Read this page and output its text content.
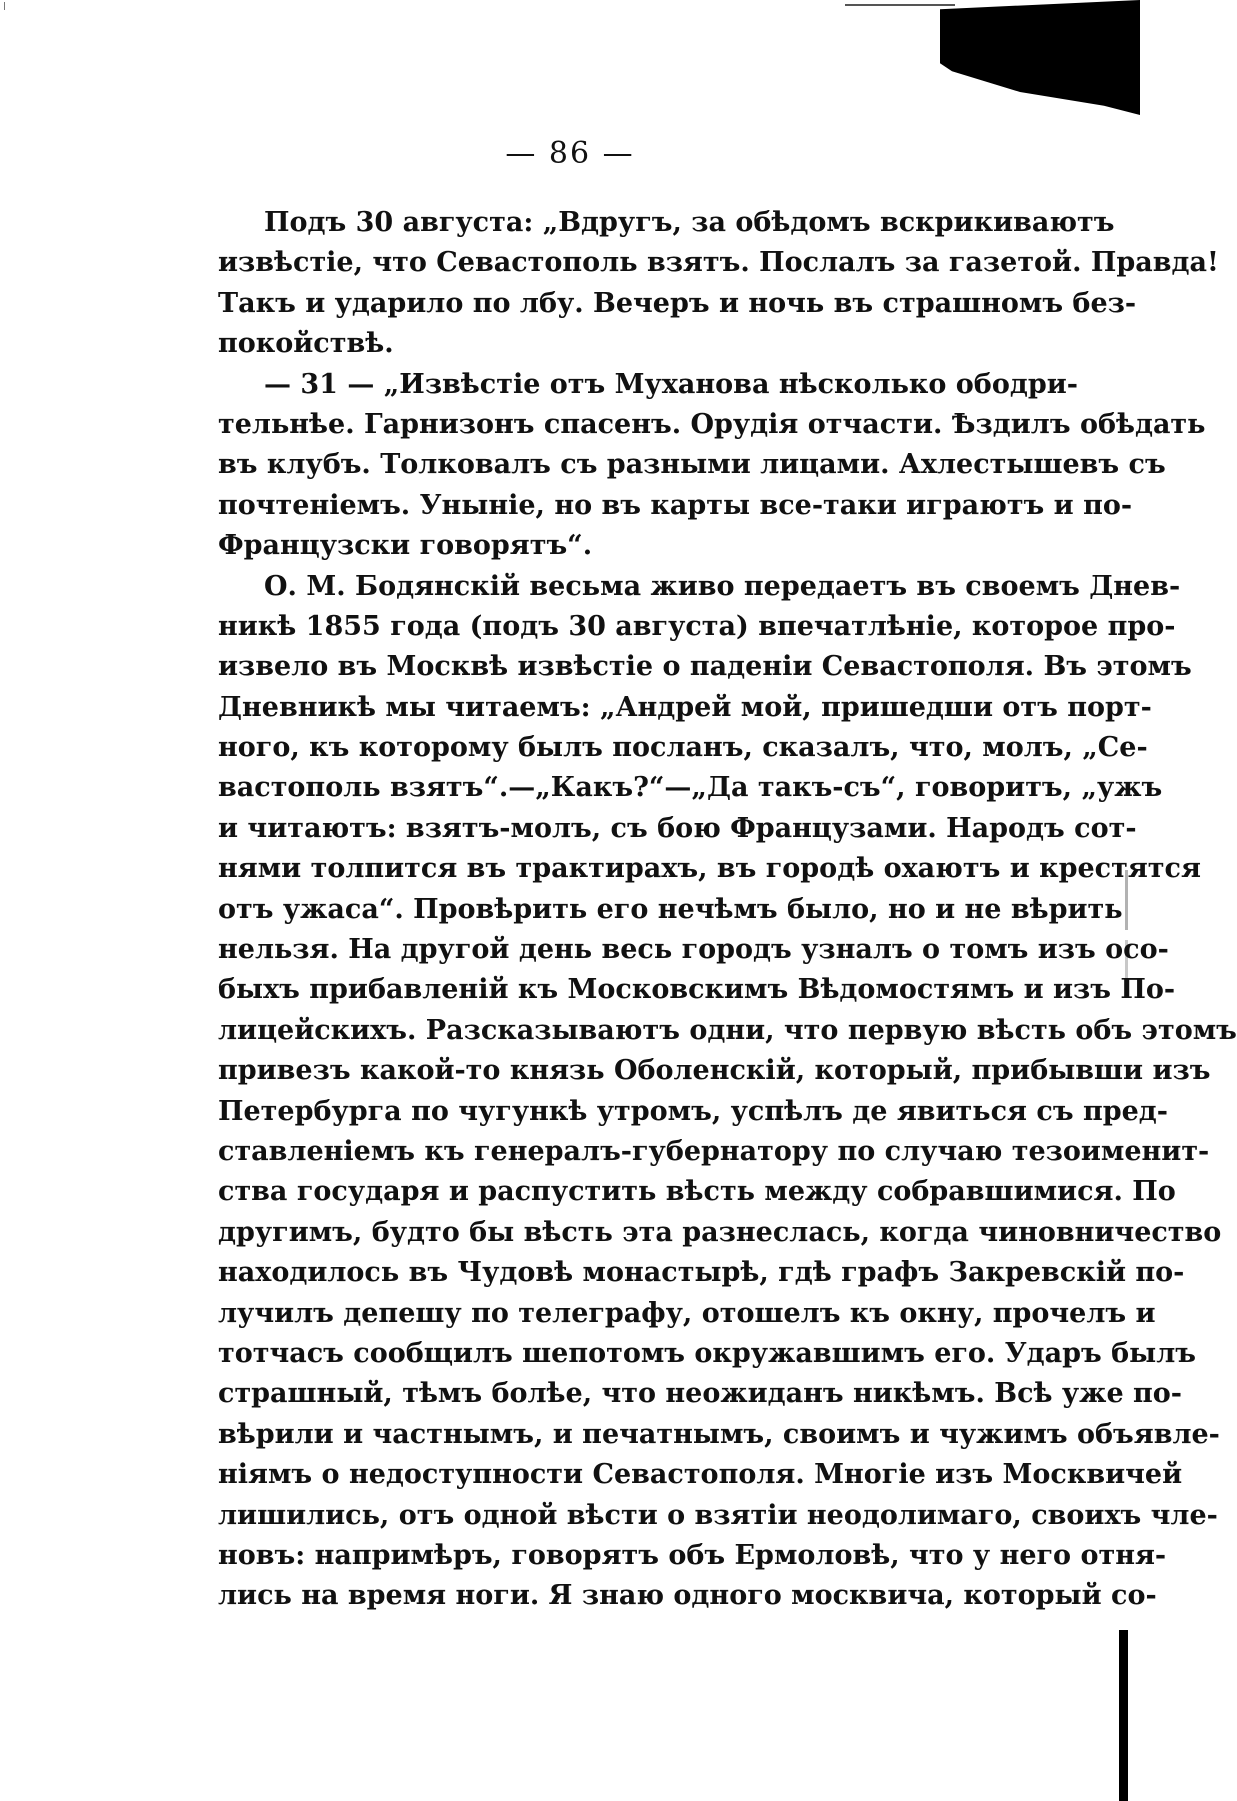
— 86 —
Подъ 30 августа: „Вдругъ, за обѣдомъ вскрикиваютъ
извѣстіе, что Севастополь взятъ. Послалъ за газетой. Правда!
Такъ и ударило по лбу. Вечеръ и ночь въ страшномъ без-
покойствѣ.
— 31 — „Извѣстіе отъ Муханова нѣсколько ободри-
тельнѣе. Гарнизонъ спасенъ. Орудія отчасти. Ѣздилъ обѣдать
въ клубъ. Толковалъ съ разными лицами. Ахлестышевъ съ
почтеніемъ. Уныніе, но въ карты все-таки играютъ и по-
Французски говорятъ“.
О. М. Бодянскій весьма живо передаетъ въ своемъ Днев-
никѣ 1855 года (подъ 30 августа) впечатлѣніе, которое про-
извело въ Москвѣ извѣстіе о паденіи Севастополя. Въ этомъ
Дневникѣ мы читаемъ: „Андрей мой, пришедши отъ порт-
ного, къ которому былъ посланъ, сказалъ, что, молъ, „Се-
вастополь взятъ“.—„Какъ?“—„Да такъ-съ“, говоритъ, „ужъ
и читаютъ: взятъ-молъ, съ бою Французами. Народъ сот-
нями толпится въ трактирахъ, въ городѣ охаютъ и крестятся
отъ ужаса“. Провѣрить его нечѣмъ было, но и не вѣрить
нельзя. На другой день весь городъ узналъ о томъ изъ осо-
быхъ прибавленій къ Московскимъ Вѣдомостямъ и изъ По-
лицейскихъ. Разсказываютъ одни, что первую вѣсть объ этомъ
привезъ какой-то князь Оболенскій, который, прибывши изъ
Петербурга по чугункѣ утромъ, успѣлъ де явиться съ пред-
ставленіемъ къ генералъ-губернатору по случаю тезоименит-
ства государя и распустить вѣсть между собравшимися. По
другимъ, будто бы вѣсть эта разнеслась, когда чиновничество
находилось въ Чудовѣ монастырѣ, гдѣ графъ Закревскій по-
лучилъ депешу по телеграфу, отошелъ къ окну, прочелъ и
тотчасъ сообщилъ шепотомъ окружавшимъ его. Ударъ былъ
страшный, тѣмъ болѣе, что неожиданъ никѣмъ. Всѣ уже по-
вѣрили и частнымъ, и печатнымъ, своимъ и чужимъ объявле-
ніямъ о недоступности Севастополя. Многіе изъ Москвичей
лишились, отъ одной вѣсти о взятіи неодолимаго, своихъ чле-
новъ: напримѣръ, говорятъ объ Ермоловѣ, что у него отня-
лись на время ноги. Я знаю одного москвича, который со-
